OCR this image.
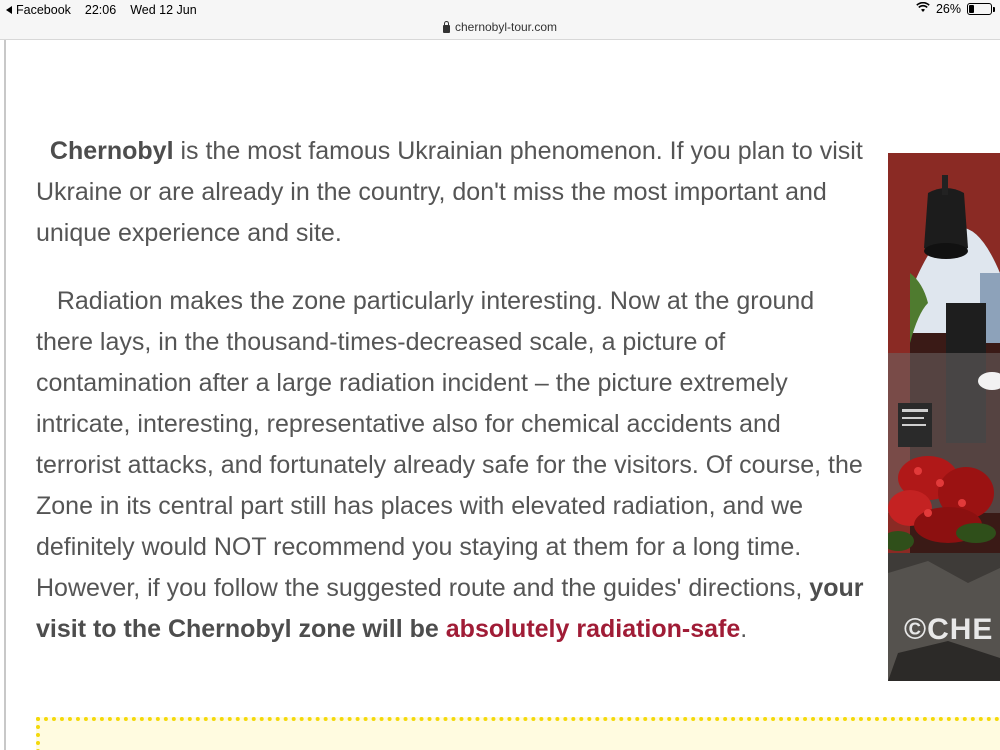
Facebook 22:06 Wed 12 Jun	26%
chernobyl-tour.com

Chernobyl is the most famous Ukrainian phenomenon. If you plan to visit Ukraine or are already in the country, don't miss the most important and unique experience and site.

Radiation makes the zone particularly interesting. Now at the ground there lays, in the thousand-times-decreased scale, a picture of contamination after a large radiation incident – the picture extremely intricate, interesting, representative also for chemical accidents and terrorist attacks, and fortunately already safe for the visitors. Of course, the Zone in its central part still has places with elevated radiation, and we definitely would NOT recommend you staying at them for a long time. However, if you follow the suggested route and the guides' directions, your visit to the Chernobyl zone will be absolutely radiation-safe.	©CHE
